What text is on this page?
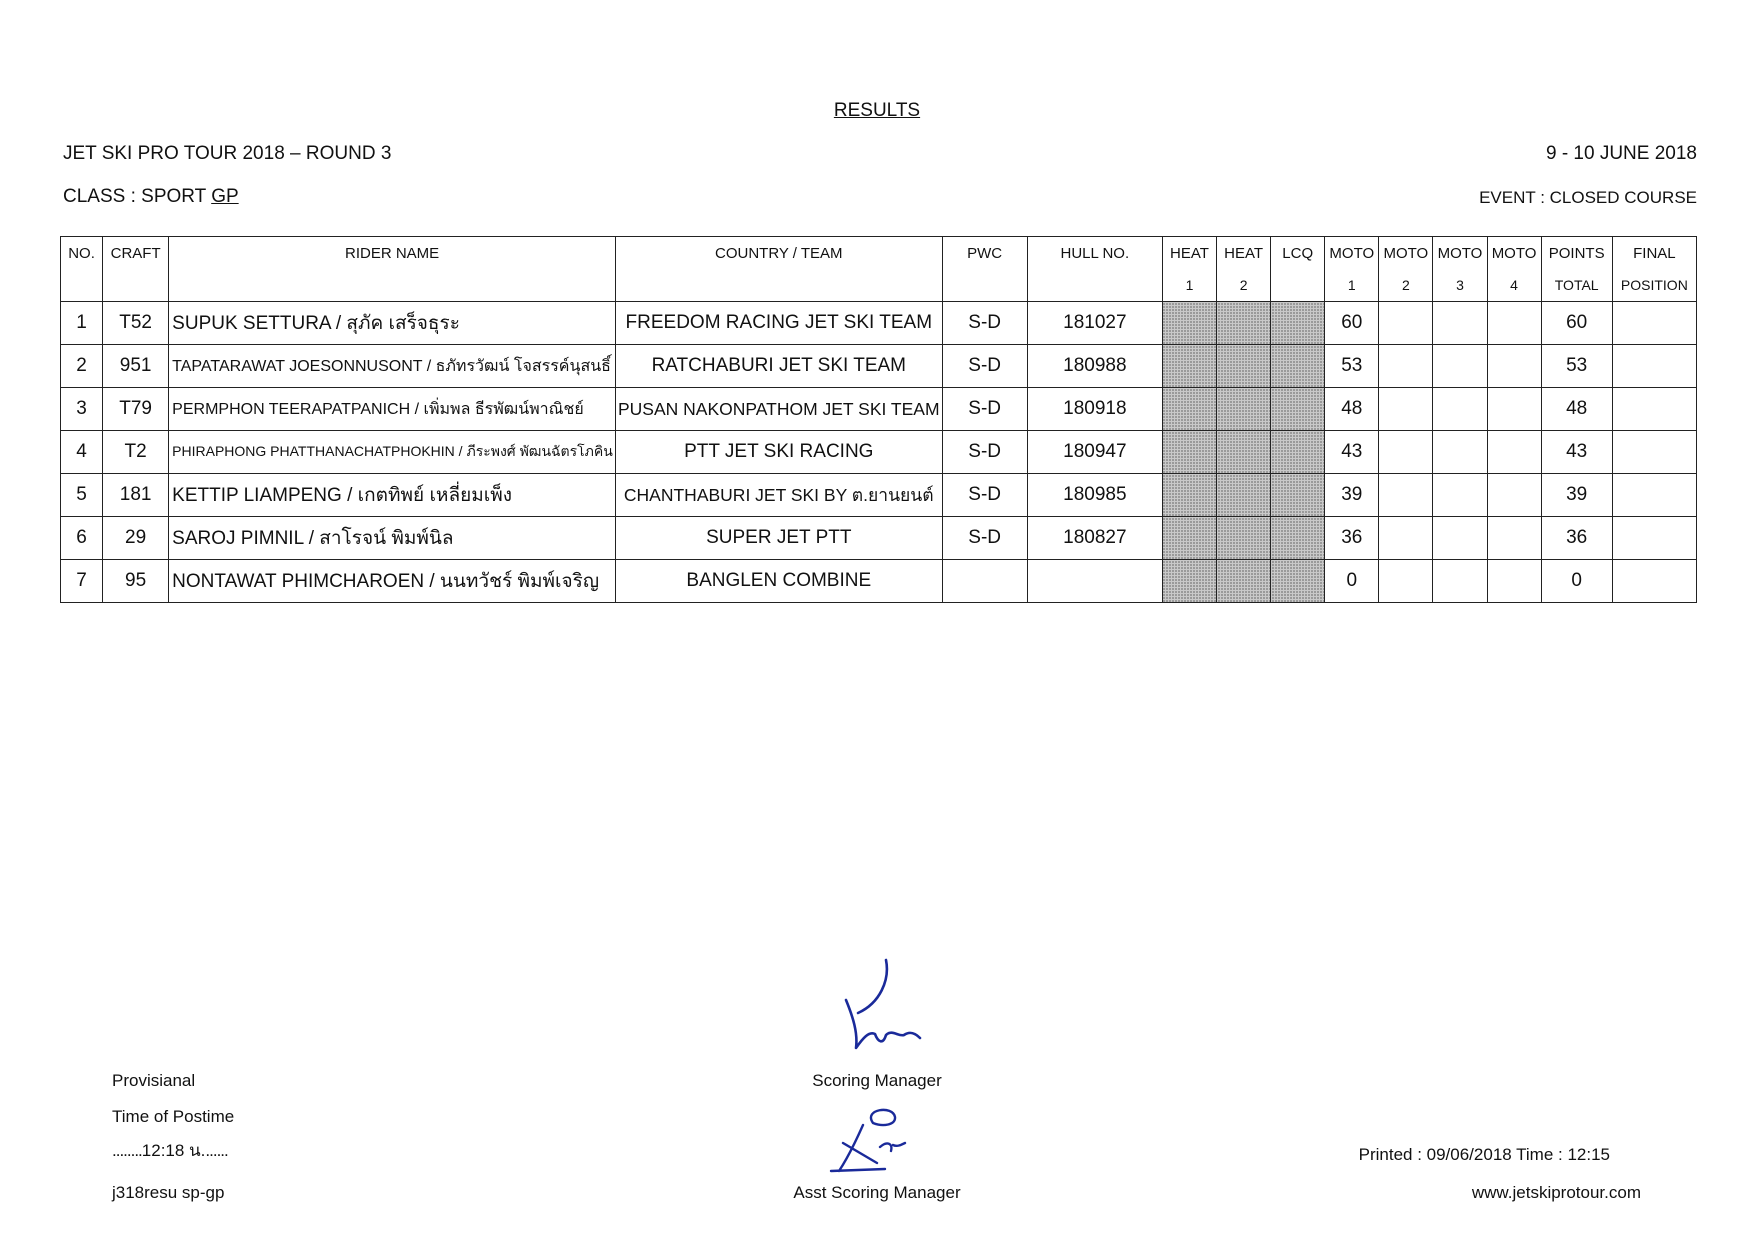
RESULTS
JET SKI PRO TOUR 2018 – ROUND 3	9 - 10 JUNE 2018
CLASS : SPORT GP	EVENT : CLOSED COURSE
NO.	CRAFT	RIDER NAME	COUNTRY / TEAM	PWC	HULL NO.	HEAT	HEAT	LCQ	MOTO	MOTO	MOTO	MOTO	POINTS	FINAL
						1	2		1	2	3	4	TOTAL	POSITION
1	T52	SUPUK SETTURA / สุภัค เสร็จธุระ	FREEDOM RACING JET SKI TEAM	S-D	181027				60				60	
2	951	TAPATARAWAT JOESONNUSONT / ธภัทรวัฒน์ โจสรรค์นุสนธิ์	RATCHABURI JET SKI TEAM	S-D	180988				53				53	
3	T79	PERMPHON TEERAPATPANICH / เพิ่มพล ธีรพัฒน์พาณิชย์	PUSAN NAKONPATHOM JET SKI TEAM	S-D	180918				48				48	
4	T2	PHIRAPHONG PHATTHANACHATPHOKHIN / ภีระพงศ์ พัฒนฉัตรโภคิน	PTT JET SKI RACING	S-D	180947				43				43	
5	181	KETTIP LIAMPENG / เกตทิพย์ เหลี่ยมเพ็ง	CHANTHABURI JET SKI BY ต.ยานยนต์	S-D	180985				39				39	
6	29	SAROJ PIMNIL / สาโรจน์ พิมพ์นิล	SUPER JET PTT	S-D	180827				36				36	
7	95	NONTAWAT PHIMCHAROEN / นนทวัชร์ พิมพ์เจริญ	BANGLEN COMBINE						0				0	
Provisianal
Time of Postime
........12:18 น.......
j318resu sp-gp
Scoring Manager
Asst Scoring Manager
Printed : 09/06/2018 Time : 12:15
www.jetskiprotour.com
